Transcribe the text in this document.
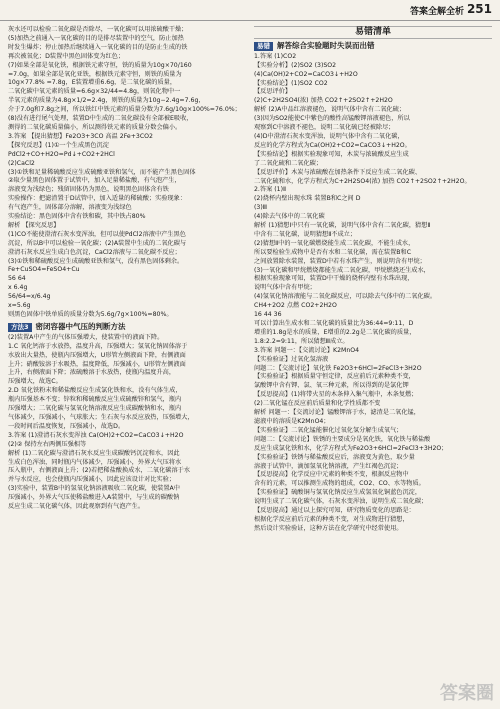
答案全解全析 251

灰水还可以检验二氧化碳是否除尽，一氧化碳可以用浓硫酸干燥；

(5)加热之前通入一氧化碳的目的是排尽装置中的空气，防止加热

时发生爆炸；停止加热后继续通入一氧化碳的目的是防止生成的铁

再次被氧化；D装置中黑色固体变为红色；

(7)如果全部是氧化铁，根据铁元素守恒，铁的质量为10g×70/160

=7.0g，如果全部是氧化亚铁，根据铁元素守恒，则铁的质量为

10g×77.8% =7.8g，E装置增重6.6g，是二氧化碳的质量，

二氧化碳中氧元素的质量=6.6g×32/44=4.8g，则氧化物中一

半氧元素的质量为4.8g×1/2=2.4g，则铁的质量为10g−2.4g=7.6g，

介于7.0g和7.8g之间，所以铁红中铁元素的质量分数为7.6g/10g×100%=76.0%；

(8)没有进行尾气处理，装置D中生成的二氧化碳没有全部被E吸收，

测得的二氧化碳质量偏小，所以测得铁元素的质量分数会偏小。

3.答案 【提出猜想】Fe2O3+3CO 高温 2Fe+3CO2

【探究反思】(1)①一个生成黑色沉淀

PdCl2+CO+H2O=Pd↓+CO2+2HCl

(2)CaCl2

(3)①铁和足量稀硫酸反应生成硫酸亚铁和氢气，而不能产生黑色固体

②取少量黑色固体置于试管中，加入足量稀盐酸，有气泡产生，

溶液变为浅绿色；残留固体仍为黑色，说明黑色固体含有铁

实验操作：把滤渣置于D试管中，加入适量的稀硫酸；实验现象：

有气泡产生，固体部分溶解，溶液变为浅绿色

实验结论：黑色固体中含有铁和碳，其中铁占80%

解析 【探究反思】

(1)CO不能使澄清石灰水变浑浊，但可以使PdCl2溶液中产生黑色

沉淀，所以B中可以检验一氧化碳；(2)A装置中生成的二氧化碳与

澄清石灰水反应生成白色沉淀，CaCl2溶液与二氧化碳不反应；

(3)①铁和稀硫酸反应生成硫酸亚铁和氢气，没有黑色固体剩余。

Fe+CuSO4=FeSO4+Cu

56 64

x 6.4g

56/64=x/6.4g

x=5.6g

则黑色固体中铁单质的质量分数为5.6g/7g×100%=80%。

方法3 密闭容器中气压的判断方法

(2)装置A中产生的气体压强增大，使装置中的液面下降。

1.C 氧化钙溶于水放热，温度升高，压强增大；氢氧化钠固体溶于

水放出大量热，使瓶内压强增大，U形管左侧液面下降，右侧液面

上升；硝酸铵溶于水吸热，温度降低，压强减小，U形管左侧液面

上升，右侧液面下降；浓硫酸溶于水放热，使瓶内温度升高，

压强增大，故选C。

2.D 氧化铁粉末和稀盐酸反应生成氯化铁和水，没有气体生成，

瓶内压强基本不变；锌粒和稀硫酸反应生成硫酸锌和氢气，瓶内

压强增大；二氧化碳与氢氧化钠溶液反应生成碳酸钠和水，瓶内

气体减少，压强减小，气球胀大；生石灰与水反应放热，压强增大，

一段时间后温度恢复，压强减小，故选D。

3.答案 (1)澄清石灰水变浑浊 Ca(OH)2+CO2=CaCO3↓+H2O

(2)② 保持左右两侧压强相等

解析 (1)二氧化碳与澄清石灰水反应生成碳酸钙沉淀和水，因此

生成白色浑浊，同时瓶内气体减少，压强减小，外界大气压将水

压入瓶中，右侧液面上升；(2)若把稀盐酸换成水，二氧化碳溶于水

并与水反应，也会使瓶内压强减小，因此应该设计对比实验；

(3)实验中，装置B中的氢氧化钠溶液吸收二氧化碳，使装置A中

压强减小，外界大气压使稀盐酸进入A装置中，与生成的碳酸钠

反应生成二氧化碳气体，因此观察到有气泡产生。

易错清单
易错 解答综合实验题时失误而出错

1.答案 (1)CO2

【实验分析】(2)SO2 (3)SO2

(4)Ca(OH)2+CO2=CaCO3↓+H2O

【实验结论】(1)SO2 CO2

【反思评价】

(2)C+2H2SO4(浓) 加热 CO2↑+2SO2↑+2H2O

解析 (2)A中品红溶液褪色，说明气体中含有二氧化硫；

(3)因为SO2能使C中紫色的酸性高锰酸钾溶液褪色，所以

观察到C中溶液不褪色，说明二氧化硫已经被除尽；

(4)D中澄清石灰水变浑浊，说明气体中含有二氧化碳，

反应的化学方程式为Ca(OH)2+CO2=CaCO3↓+H2O。

【实验结论】根据实验现象可知，木炭与浓硫酸反应生成

了二氧化硫和二氧化碳；

【反思评价】木炭与浓硫酸在加热条件下反应生成二氧化碳、

二氧化硫和水，化学方程式为C+2H2SO4(浓) 加热 CO2↑+2SO2↑+2H2O。

2.答案 (1)Ⅱ

(2)烧杯内壁出现水珠 装置B和C之间 D

(3)Ⅲ

(4)除去气体中的二氧化碳

解析 (1)猜想Ⅰ中只有一氧化碳，说明气体中含有二氧化碳，猜想Ⅱ

中含有二氧化碳，说明猜想Ⅱ不成立；

(2)猜想Ⅱ中的一氧化碳燃烧能生成二氧化碳，不能生成水，

所以要检验生成物中是否有水和二氧化碳，需在装置B和C

之间放置除水装置，装置D中若有水珠产生，则说明含有甲烷；

(3)一氧化碳和甲烷燃烧都能生成二氧化碳，甲烷燃烧还生成水，

根据实验现象可知，装置D中干燥的烧杯内壁有水珠出现，

说明气体中含有甲烷；

(4)氢氧化钠溶液能与二氧化碳反应，可以除去气体中的二氧化碳。

CH4+2O2 点燃 CO2+2H2O

16 44 36

可以计算出生成水和二氧化碳的质量比为36:44=9:11，D

增重的1.8g是水的质量，E增重的2.2g是二氧化碳的质量，

1.8:2.2=9:11，所以猜想Ⅲ成立。

3.答案 问题一：【交流讨论】K2MnO4

【实验验证】过氧化氢溶液

问题二：【交流讨论】氧化铁 Fe2O3+6HCl=2FeCl3+3H2O

【实验验证】根据质量守恒定律，反应前后元素种类不变，

氯酸钾中含有钾、氯、氧三种元素，所以得到的是氯化钾

【反思提高】(1)将带火星的木条伸入集气瓶中，木条复燃；

(2)二氧化锰在反应前后质量和化学性质都不变

解析 问题一：【交流讨论】锰酸钾溶于水，滤渣是二氧化锰，

滤液中的溶质是K2MnO4；

【实验验证】二氧化锰能催化过氧化氢分解生成氧气；

问题二：【交流讨论】铁锈的主要成分是氧化铁，氧化铁与稀盐酸

反应生成氯化铁和水，化学方程式为Fe2O3+6HCl=2FeCl3+3H2O；

【实验验证】铁锈与稀盐酸反应后，溶液变为黄色，取少量

溶液于试管中，滴加氢氧化钠溶液，产生红褐色沉淀；

【反思提高】化学反应中元素的种类不变，根据反应物中

含有的元素，可以推测生成物的组成，CO2、CO、水等物质。

【实验验证】硫酸铜与氢氧化钠反应生成氢氧化铜蓝色沉淀，

说明生成了二氧化碳气体，石灰水变浑浊，说明生成二氧化碳；

【反思提高】通过以上探究可知，研究物质变化的思路是：

根据化学反应前后元素的种类不变，对生成物进行猜想，

然后设计实验验证，这种方法在化学研究中经常使用。

答案圈
